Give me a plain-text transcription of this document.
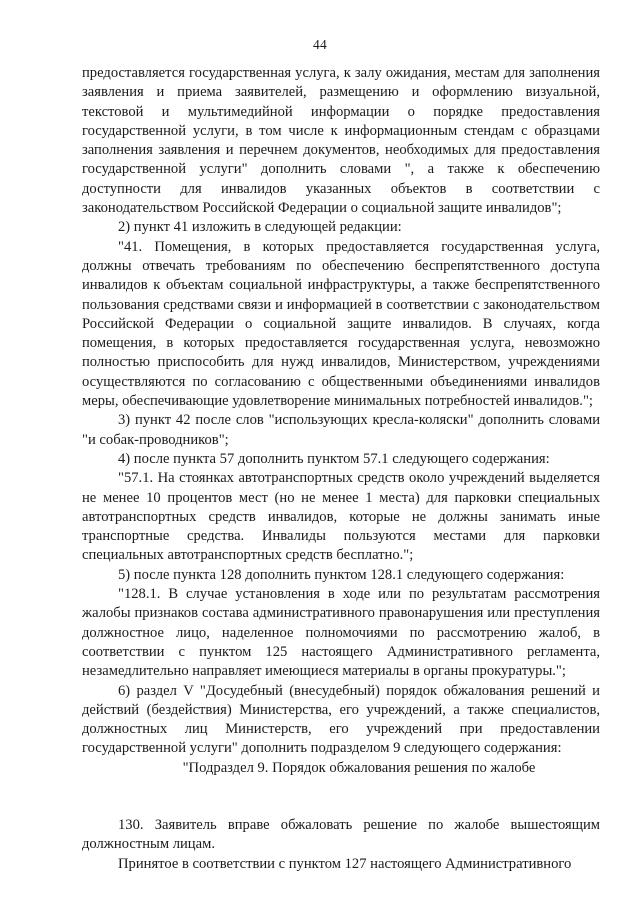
44

предоставляется государственная услуга, к залу ожидания, местам для заполнения заявления и приема заявителей, размещению и оформлению визуальной, текстовой и мультимедийной информации о порядке предоставления государственной услуги, в том числе к информационным стендам с образцами заполнения заявления и перечнем документов, необходимых для предоставления государственной услуги" дополнить словами ", а также к обеспечению доступности для инвалидов указанных объектов в соответствии с законодательством Российской Федерации о социальной защите инвалидов";

2) пункт 41 изложить в следующей редакции:

"41. Помещения, в которых предоставляется государственная услуга, должны отвечать требованиям по обеспечению беспрепятственного доступа инвалидов к объектам социальной инфраструктуры, а также беспрепятственного пользования средствами связи и информацией в соответствии с законодательством Российской Федерации о социальной защите инвалидов. В случаях, когда помещения, в которых предоставляется государственная услуга, невозможно полностью приспособить для нужд инвалидов, Министерством, учреждениями осуществляются по согласованию с общественными объединениями инвалидов меры, обеспечивающие удовлетворение минимальных потребностей инвалидов.";

3) пункт 42 после слов "использующих кресла-коляски" дополнить словами "и собак-проводников";

4) после пункта 57 дополнить пунктом 57.1 следующего содержания:

"57.1. На стоянках автотранспортных средств около учреждений выделяется не менее 10 процентов мест (но не менее 1 места) для парковки специальных автотранспортных средств инвалидов, которые не должны занимать иные транспортные средства. Инвалиды пользуются местами для парковки специальных автотранспортных средств бесплатно.";

5) после пункта 128 дополнить пунктом 128.1 следующего содержания:

"128.1. В случае установления в ходе или по результатам рассмотрения жалобы признаков состава административного правонарушения или преступления должностное лицо, наделенное полномочиями по рассмотрению жалоб, в соответствии с пунктом 125 настоящего Административного регламента, незамедлительно направляет имеющиеся материалы в органы прокуратуры.";

6) раздел V "Досудебный (внесудебный) порядок обжалования решений и действий (бездействия) Министерства, его учреждений, а также специалистов, должностных лиц Министерств, его учреждений при предоставлении государственной услуги" дополнить подразделом 9 следующего содержания:

"Подраздел 9. Порядок обжалования решения по жалобе

130. Заявитель вправе обжаловать решение по жалобе вышестоящим должностным лицам.

Принятое в соответствии с пунктом 127 настоящего Административного
